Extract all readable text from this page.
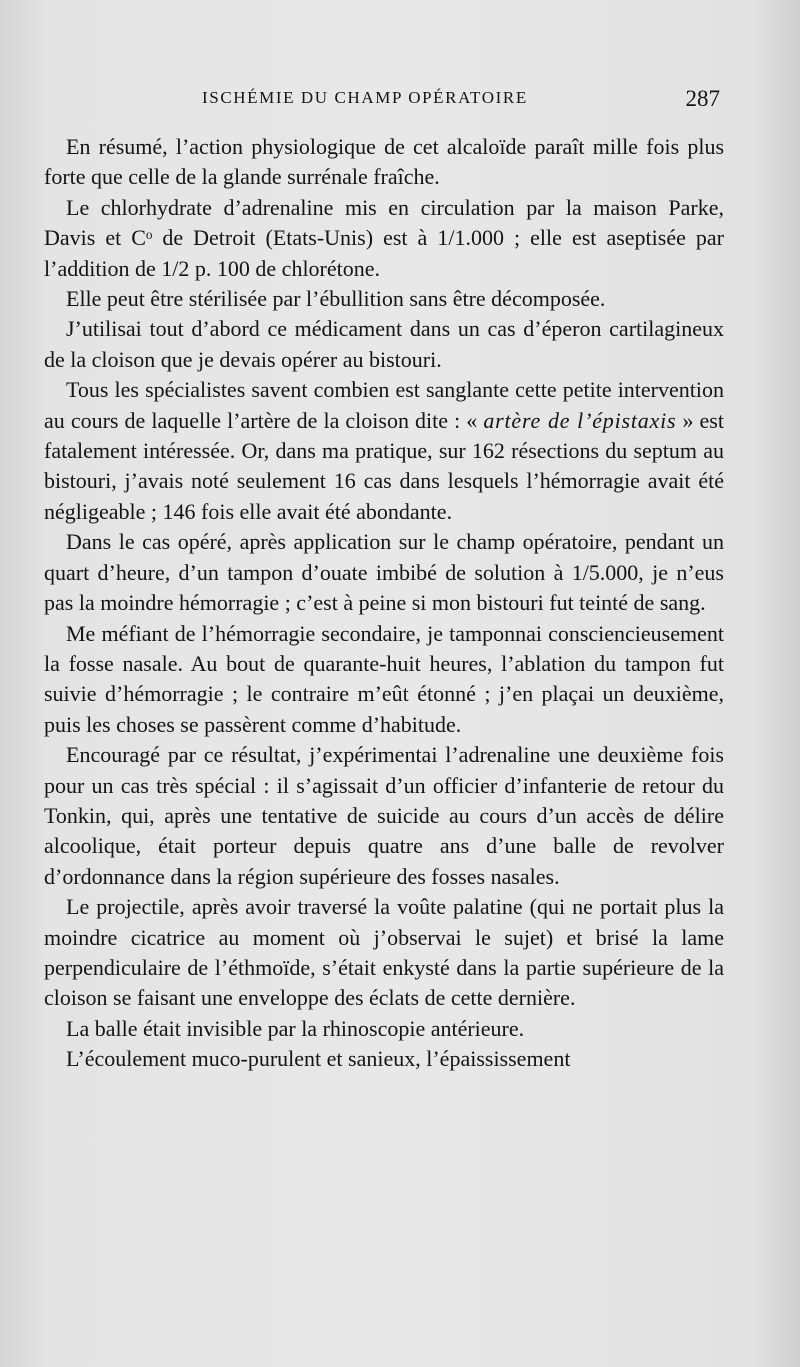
ISCHÉMIE DU CHAMP OPÉRATOIRE	287

En résumé, l’action physiologique de cet alcaloïde paraît mille fois plus forte que celle de la glande surrénale fraîche.

Le chlorhydrate d’adrenaline mis en circulation par la maison Parke, Davis et Cᵒ de Detroit (Etats-Unis) est à 1/1.000 ; elle est aseptisée par l’addition de 1/2 p. 100 de chlorétone.

Elle peut être stérilisée par l’ébullition sans être décomposée.

J’utilisai tout d’abord ce médicament dans un cas d’éperon cartilagineux de la cloison que je devais opérer au bistouri.

Tous les spécialistes savent combien est sanglante cette petite intervention au cours de laquelle l’artère de la cloison dite : « artère de l’épistaxis » est fatalement intéressée. Or, dans ma pratique, sur 162 résections du septum au bistouri, j’avais noté seulement 16 cas dans lesquels l’hémorragie avait été négligeable ; 146 fois elle avait été abondante.

Dans le cas opéré, après application sur le champ opératoire, pendant un quart d’heure, d’un tampon d’ouate imbibé de solution à 1/5.000, je n’eus pas la moindre hémorragie ; c’est à peine si mon bistouri fut teinté de sang.

Me méfiant de l’hémorragie secondaire, je tamponnai consciencieusement la fosse nasale. Au bout de quarante-huit heures, l’ablation du tampon fut suivie d’hémorragie ; le contraire m’eût étonné ; j’en plaçai un deuxième, puis les choses se passèrent comme d’habitude.

Encouragé par ce résultat, j’expérimentai l’adrenaline une deuxième fois pour un cas très spécial : il s’agissait d’un officier d’infanterie de retour du Tonkin, qui, après une tentative de suicide au cours d’un accès de délire alcoolique, était porteur depuis quatre ans d’une balle de revolver d’ordonnance dans la région supérieure des fosses nasales.

Le projectile, après avoir traversé la voûte palatine (qui ne portait plus la moindre cicatrice au moment où j’observai le sujet) et brisé la lame perpendiculaire de l’éthmoïde, s’était enkysté dans la partie supérieure de la cloison se faisant une enveloppe des éclats de cette dernière.

La balle était invisible par la rhinoscopie antérieure.

L’écoulement muco-purulent et sanieux, l’épaississement
